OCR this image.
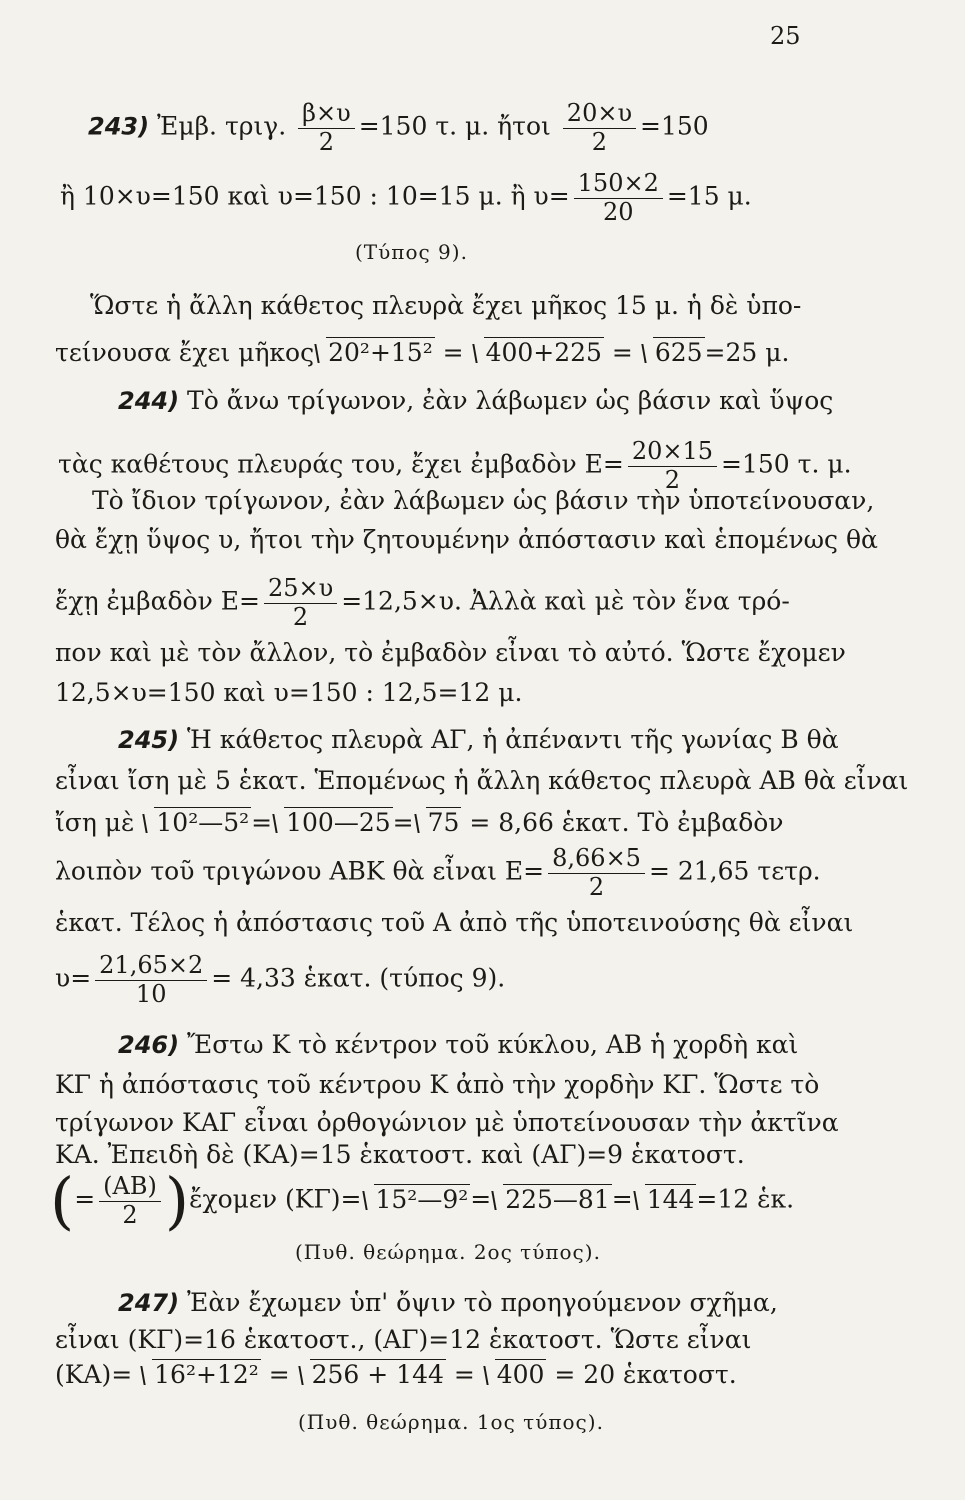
25
243) Ἐμβ. τριγ. $\frac{\beta\times\upsilon}{2} =150$ τ. μ. ἤτοι $\frac{20\times\upsilon}{2} =150$
ἢ 10×υ=150 καὶ υ=150 : 10=15 μ. ἢ $\upsilon= \frac{150\times 2}{20} =15$ μ.
(Τύπος 9).
Ὥστε ἡ ἄλλη κάθετος πλευρὰ ἔχει μῆκος 15 μ. ἡ δὲ ὑπο-
τείνουσα ἔχει μῆκος 20²+15² = 400+225 = 625=25 μ.
244) Τὸ ἄνω τρίγωνον, ἐὰν λάβωμεν ὡς βάσιν καὶ ὕψος
τὰς καθέτους πλευράς του, ἔχει ἐμβαδὸν $E= \frac{20\times 15}{2} =150$ τ. μ.
Τὸ ἴδιον τρίγωνον, ἐὰν λάβωμεν ὡς βάσιν τὴν ὑποτείνουσαν,
θὰ ἔχῃ ὕψος υ, ἤτοι τὴν ζητουμένην ἀπόστασιν καὶ ἑπομένως θὰ
ἔχῃ ἐμβαδὸν $E= \frac{25\times\upsilon}{2} =12,5\times\upsilon$. Ἀλλὰ καὶ μὲ τὸν ἕνα τρό-
πον καὶ μὲ τὸν ἄλλον, τὸ ἐμβαδὸν εἶναι τὸ αὐτό. Ὥστε ἔχομεν
12,5×υ=150 καὶ υ=150 : 12,5=12 μ.
245) Ἡ κάθετος πλευρὰ ΑΓ, ἡ ἀπέναντι τῆς γωνίας Β θὰ
εἶναι ἴση μὲ 5 ἑκατ. Ἑπομένως ἡ ἄλλη κάθετος πλευρὰ ΑΒ θὰ εἶναι
ἴση μὲ 10²—5²= 100—25= 75 = 8,66 ἑκατ. Τὸ ἐμβαδὸν
λοιπὸν τοῦ τριγώνου ΑΒΚ θὰ εἶναι $E= \frac{8,66\times 5}{2} = 21,65$ τετρ.
ἑκατ. Τέλος ἡ ἀπόστασις τοῦ Α ἀπὸ τῆς ὑποτεινούσης θὰ εἶναι
$\upsilon= \frac{21,65\times 2}{10} = 4,33$ ἑκατ. (τύπος 9).
246) Ἔστω Κ τὸ κέντρον τοῦ κύκλου, ΑΒ ἡ χορδὴ καὶ
ΚΓ ἡ ἀπόστασις τοῦ κέντρου Κ ἀπὸ τὴν χορδὴν ΚΓ. Ὥστε τὸ
τρίγωνον ΚΑΓ εἶναι ὀρθογώνιον μὲ ὑποτείνουσαν τὴν ἀκτῖνα
ΚΑ. Ἐπειδὴ δὲ (ΚΑ)=15 ἑκατοστ. καὶ (ΑΓ)=9 ἑκατοστ.
(= $\frac{(AB)}{2}$ )ἔχομεν (ΚΓ)= 15²—9²= 225—81= 144=12 ἑκ.
(Πυθ. θεώρημα. 2ος τύπος).
247) Ἐὰν ἔχωμεν ὑπ' ὄψιν τὸ προηγούμενον σχῆμα,
εἶναι (ΚΓ)=16 ἑκατοστ., (ΑΓ)=12 ἑκατοστ. Ὥστε εἶναι
(ΚΑ)= 16²+12² = 256 + 144 = 400 = 20 ἑκατοστ.
(Πυθ. θεώρημα. 1ος τύπος).
